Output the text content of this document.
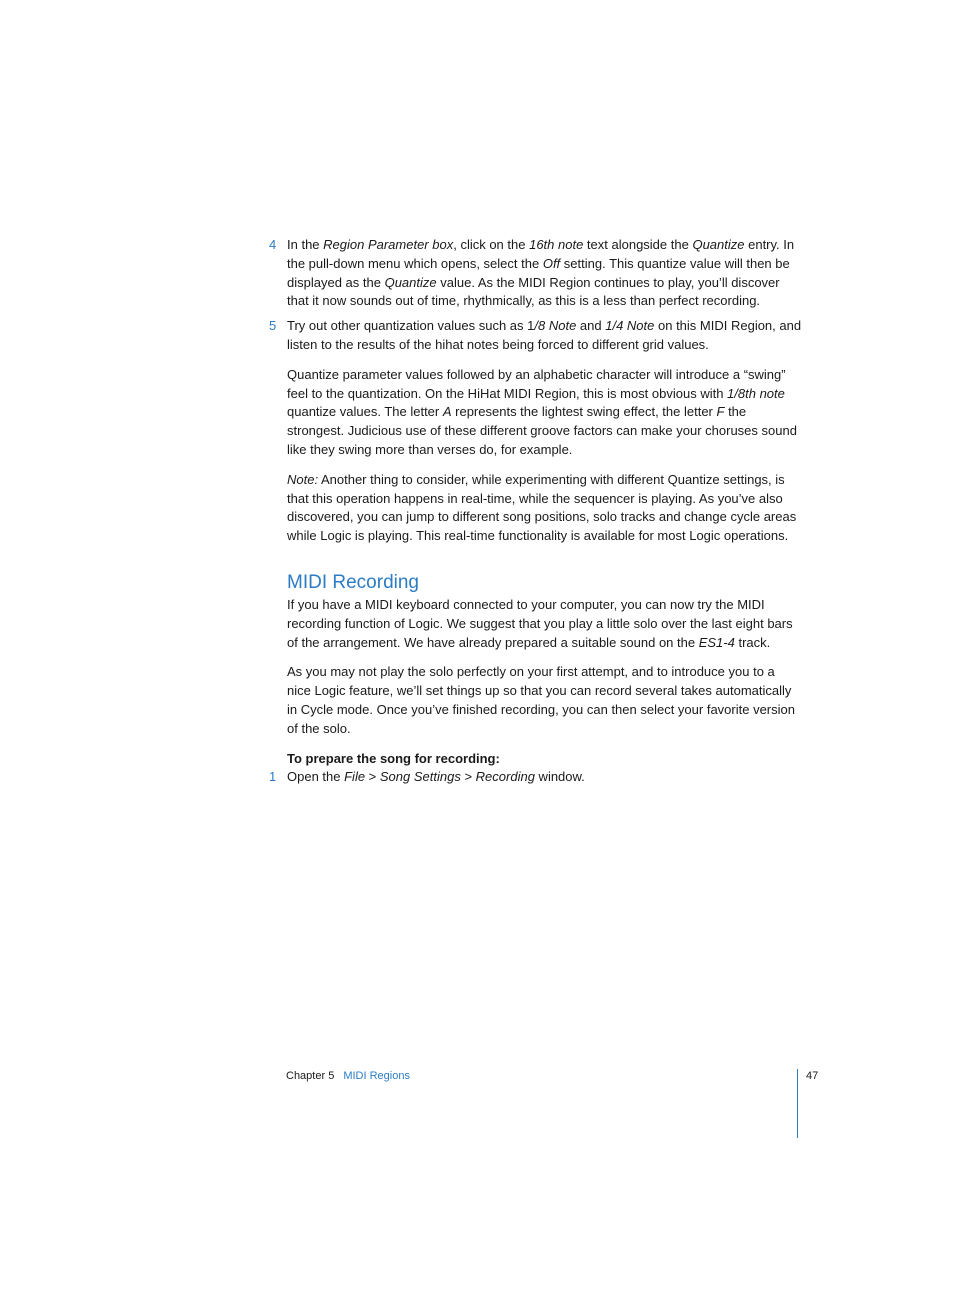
4 In the Region Parameter box, click on the 16th note text alongside the Quantize entry. In the pull-down menu which opens, select the Off setting. This quantize value will then be displayed as the Quantize value. As the MIDI Region continues to play, you’ll discover that it now sounds out of time, rhythmically, as this is a less than perfect recording.
5 Try out other quantization values such as 1/8 Note and 1/4 Note on this MIDI Region, and listen to the results of the hihat notes being forced to different grid values.

Quantize parameter values followed by an alphabetic character will introduce a “swing” feel to the quantization. On the HiHat MIDI Region, this is most obvious with 1/8th note quantize values. The letter A represents the lightest swing effect, the letter F the strongest. Judicious use of these different groove factors can make your choruses sound like they swing more than verses do, for example.

Note: Another thing to consider, while experimenting with different Quantize settings, is that this operation happens in real-time, while the sequencer is playing. As you’ve also discovered, you can jump to different song positions, solo tracks and change cycle areas while Logic is playing. This real-time functionality is available for most Logic operations.

MIDI Recording

If you have a MIDI keyboard connected to your computer, you can now try the MIDI recording function of Logic. We suggest that you play a little solo over the last eight bars of the arrangement. We have already prepared a suitable sound on the ES1-4 track.

As you may not play the solo perfectly on your first attempt, and to introduce you to a nice Logic feature, we’ll set things up so that you can record several takes automatically in Cycle mode. Once you’ve finished recording, you can then select your favorite version of the solo.

To prepare the song for recording:

1 Open the File > Song Settings > Recording window.
Chapter 5 MIDI Regions	47
